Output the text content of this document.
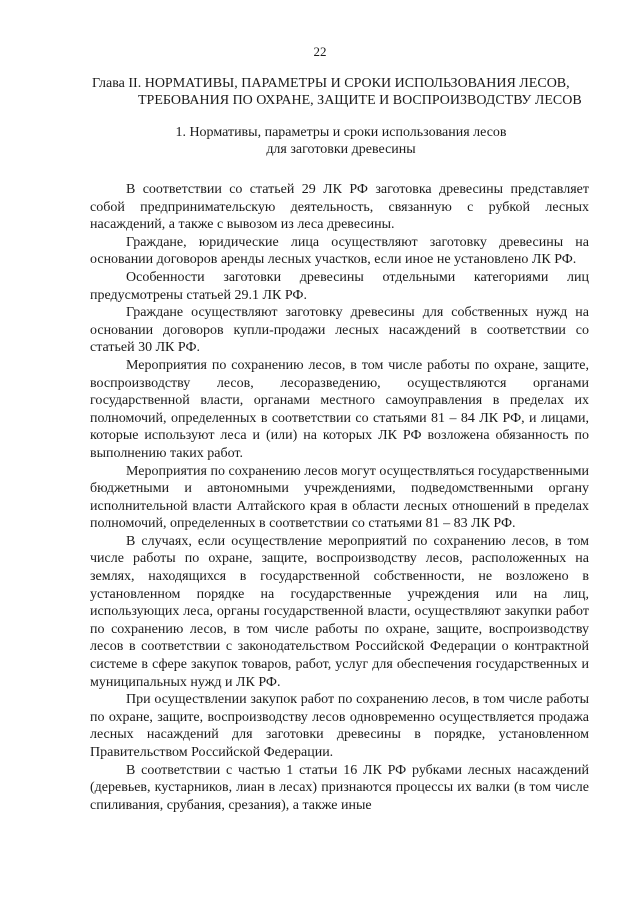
22
Глава II. НОРМАТИВЫ, ПАРАМЕТРЫ И СРОКИ ИСПОЛЬЗОВАНИЯ ЛЕСОВ,
ТРЕБОВАНИЯ ПО ОХРАНЕ, ЗАЩИТЕ И ВОСПРОИЗВОДСТВУ ЛЕСОВ
1. Нормативы, параметры и сроки использования лесов
для заготовки древесины

В соответствии со статьей 29 ЛК РФ заготовка древесины представляет собой предпринимательскую деятельность, связанную с рубкой лесных насаждений, а также с вывозом из леса древесины.

Граждане, юридические лица осуществляют заготовку древесины на основании договоров аренды лесных участков, если иное не установлено ЛК РФ.

Особенности заготовки древесины отдельными категориями лиц предусмотрены статьей 29.1 ЛК РФ.

Граждане осуществляют заготовку древесины для собственных нужд на основании договоров купли-продажи лесных насаждений в соответствии со статьей 30 ЛК РФ.

Мероприятия по сохранению лесов, в том числе работы по охране, защите, воспроизводству лесов, лесоразведению, осуществляются органами государственной власти, органами местного самоуправления в пределах их полномочий, определенных в соответствии со статьями 81 – 84 ЛК РФ, и лицами, которые используют леса и (или) на которых ЛК РФ возложена обязанность по выполнению таких работ.

Мероприятия по сохранению лесов могут осуществляться государственными бюджетными и автономными учреждениями, подведомственными органу исполнительной власти Алтайского края в области лесных отношений в пределах полномочий, определенных в соответствии со статьями 81 – 83 ЛК РФ.

В случаях, если осуществление мероприятий по сохранению лесов, в том числе работы по охране, защите, воспроизводству лесов, расположенных на землях, находящихся в государственной собственности, не возложено в установленном порядке на государственные учреждения или на лиц, использующих леса, органы государственной власти, осуществляют закупки работ по сохранению лесов, в том числе работы по охране, защите, воспроизводству лесов в соответствии с законодательством Российской Федерации о контрактной системе в сфере закупок товаров, работ, услуг для обеспечения государственных и муниципальных нужд и ЛК РФ.

При осуществлении закупок работ по сохранению лесов, в том числе работы по охране, защите, воспроизводству лесов одновременно осуществляется продажа лесных насаждений для заготовки древесины в порядке, установленном Правительством Российской Федерации.

В соответствии с частью 1 статьи 16 ЛК РФ рубками лесных насаждений (деревьев, кустарников, лиан в лесах) признаются процессы их валки (в том числе спиливания, срубания, срезания), а также иные
